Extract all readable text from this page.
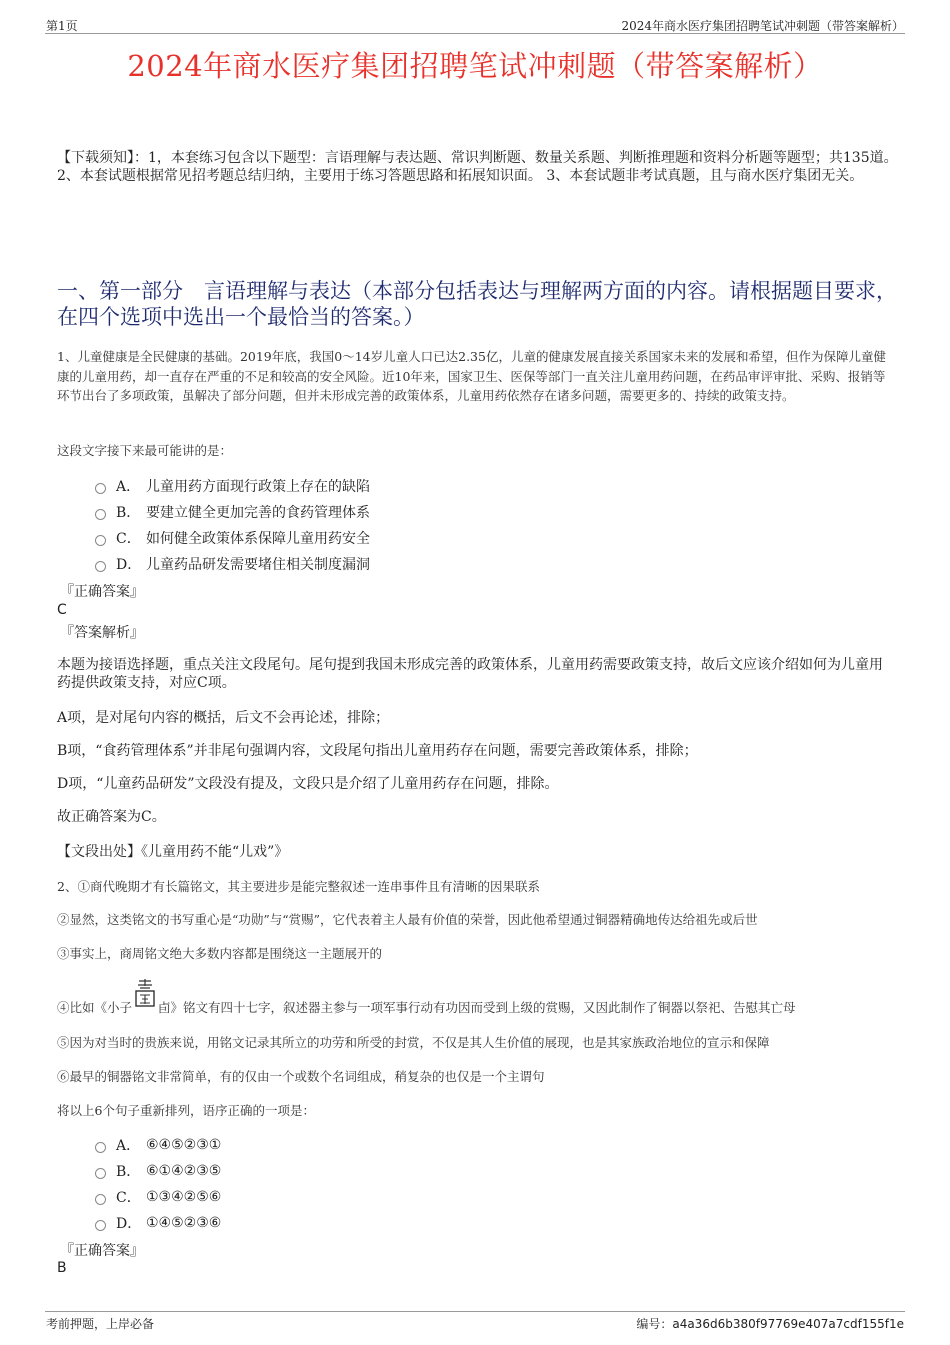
第1页	2024年商水医疗集团招聘笔试冲刺题（带答案解析）
2024年商水医疗集团招聘笔试冲刺题（带答案解析）
【下载须知】：1，本套练习包含以下题型：言语理解与表达题、常识判断题、数量关系题、判断推理题和资料分析题等题型；共135道。 2、本套试题根据常见招考题总结归纳，主要用于练习答题思路和拓展知识面。 3、本套试题非考试真题，且与商水医疗集团无关。
一、第一部分　言语理解与表达（本部分包括表达与理解两方面的内容。请根据题目要求，在四个选项中选出一个最恰当的答案。）
1、儿童健康是全民健康的基础。2019年底，我国0～14岁儿童人口已达2.35亿，儿童的健康发展直接关系国家未来的发展和希望，但作为保障儿童健康的儿童用药，却一直存在严重的不足和较高的安全风险。近10年来，国家卫生、医保等部门一直关注儿童用药问题，在药品审评审批、采购、报销等环节出台了多项政策，虽解决了部分问题，但并未形成完善的政策体系，儿童用药依然存在诸多问题，需要更多的、持续的政策支持。
这段文字接下来最可能讲的是：
A． 儿童用药方面现行政策上存在的缺陷
B． 要建立健全更加完善的食药管理体系
C． 如何健全政策体系保障儿童用药安全
D． 儿童药品研发需要堵住相关制度漏洞
『正确答案』
C
『答案解析』
本题为接语选择题，重点关注文段尾句。尾句提到我国未形成完善的政策体系，儿童用药需要政策支持，故后文应该介绍如何为儿童用药提供政策支持，对应C项。
A项，是对尾句内容的概括，后文不会再论述，排除；
B项，“食药管理体系”并非尾句强调内容，文段尾句指出儿童用药存在问题，需要完善政策体系，排除；
D项，“儿童药品研发”文段没有提及，文段只是介绍了儿童用药存在问题，排除。
故正确答案为C。
【文段出处】《儿童用药不能“儿戏”》
2、①商代晚期才有长篇铭文，其主要进步是能完整叙述一连串事件且有清晰的因果联系
②显然，这类铭文的书写重心是“功勋”与“赏赐”，它代表着主人最有价值的荣誉，因此他希望通过铜器精确地传达给祖先或后世
③事实上，商周铭文绝大多数内容都是围绕这一主题展开的
④比如《小子 卣》铭文有四十七字，叙述器主参与一项军事行动有功因而受到上级的赏赐，又因此制作了铜器以祭祀、告慰其亡母
⑤因为对当时的贵族来说，用铭文记录其所立的功劳和所受的封赏，不仅是其人生价值的展现，也是其家族政治地位的宣示和保障
⑥最早的铜器铭文非常简单，有的仅由一个或数个名词组成，稍复杂的也仅是一个主谓句
将以上6个句子重新排列，语序正确的一项是：
A． ⑥④⑤②③①
B． ⑥①④②③⑤
C． ①③④②⑤⑥
D． ①④⑤②③⑥
『正确答案』
B
考前押题，上岸必备	编号：a4a36d6b380f97769e407a7cdf155f1e
